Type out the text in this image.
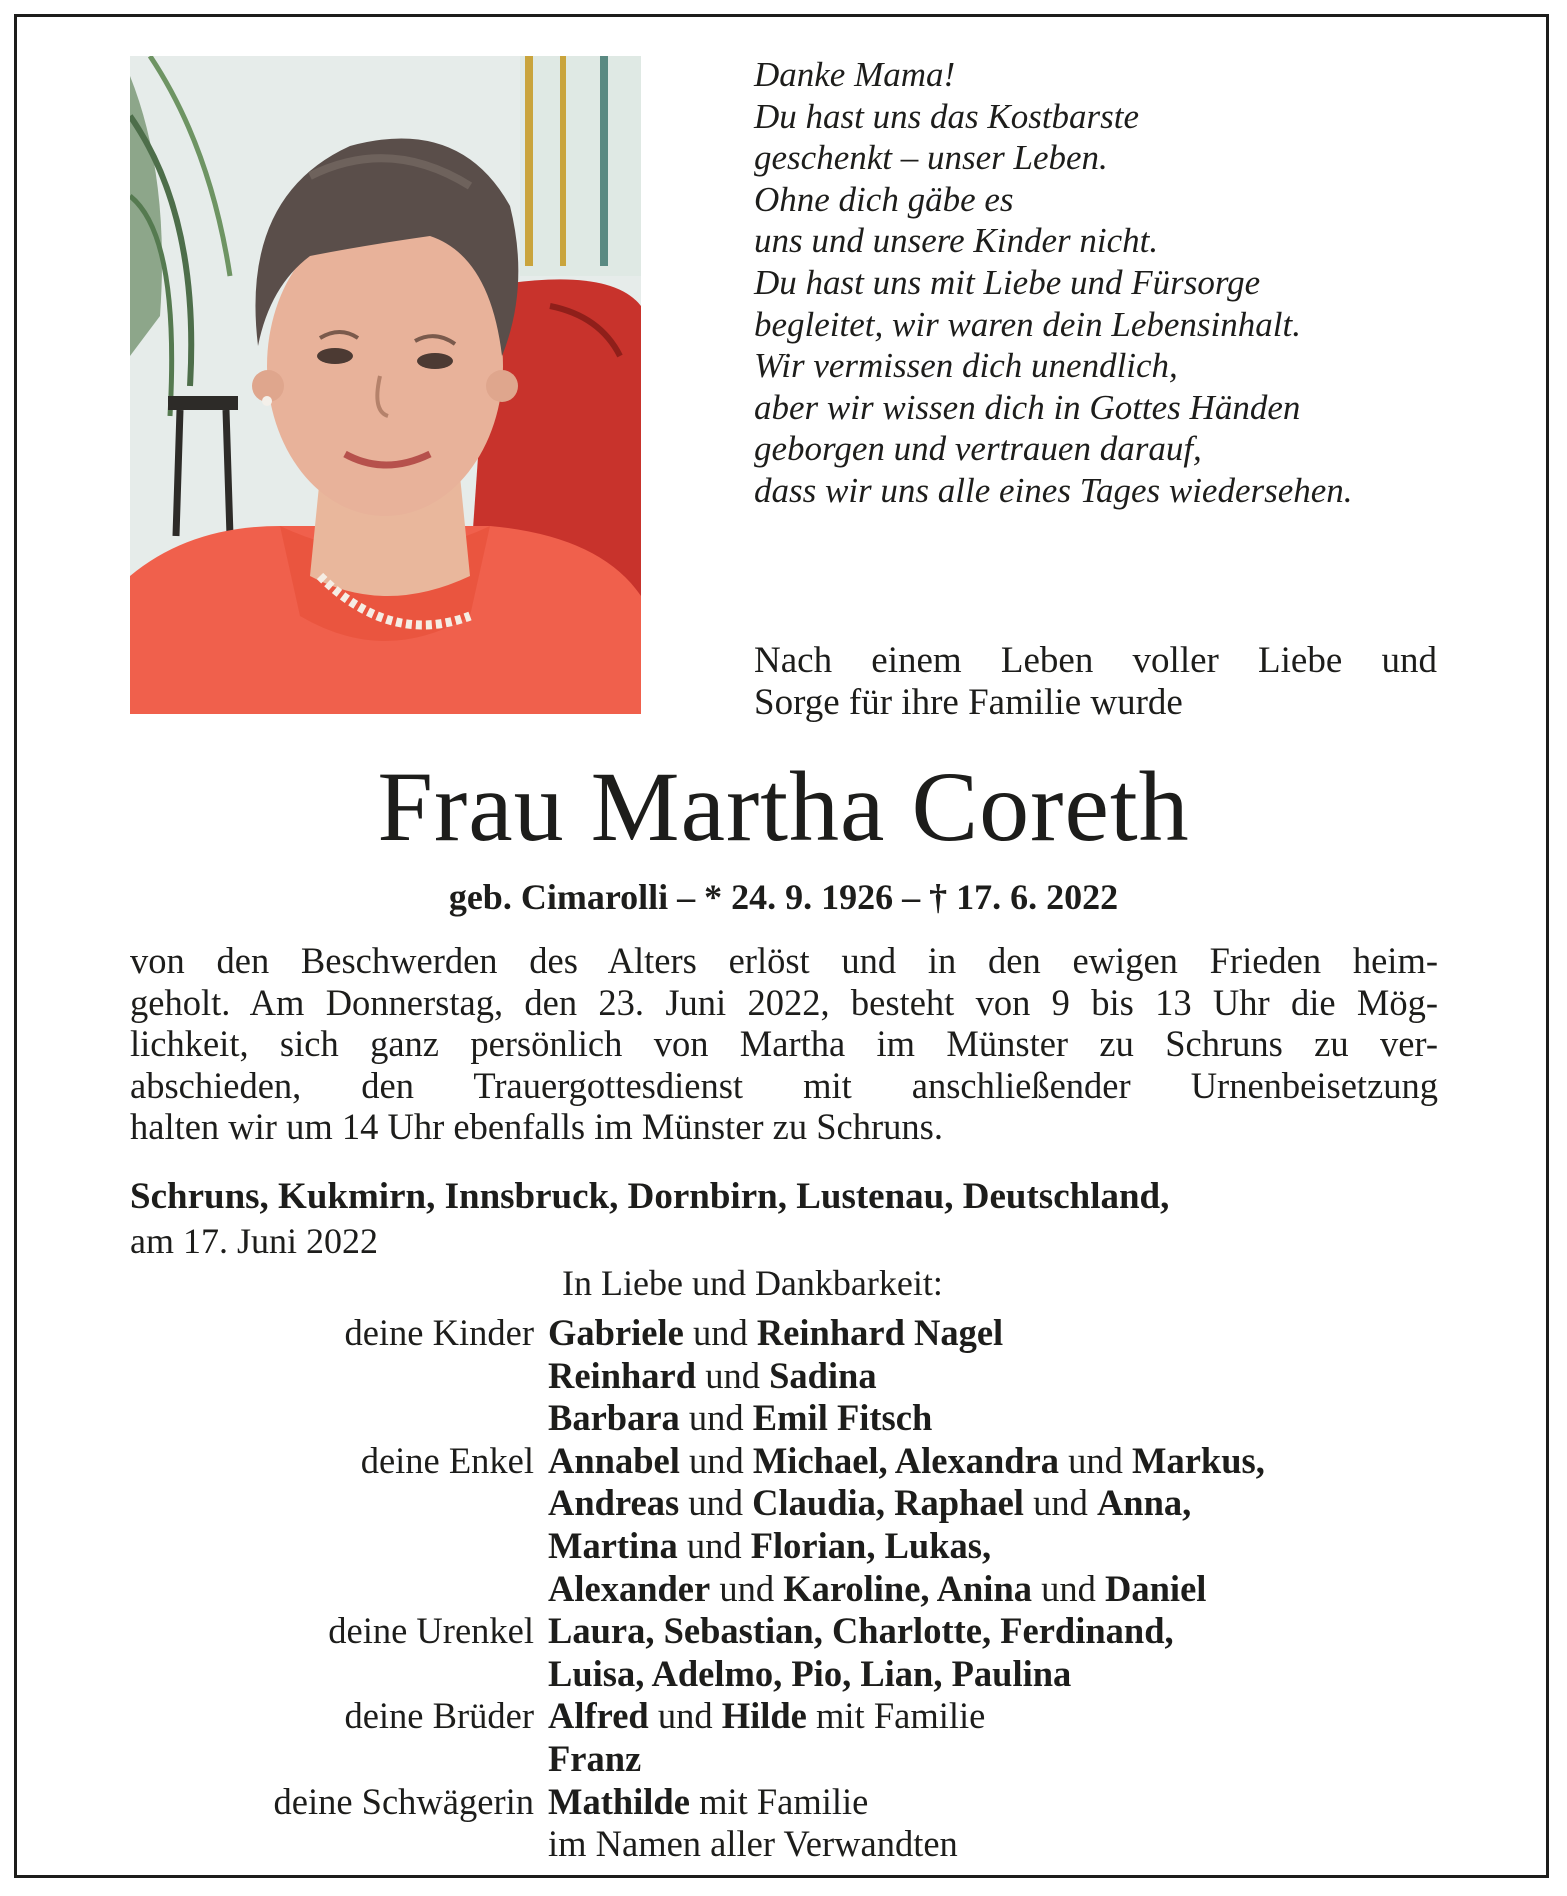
Danke Mama!
Du hast uns das Kostbarste
geschenkt – unser Leben.
Ohne dich gäbe es
uns und unsere Kinder nicht.
Du hast uns mit Liebe und Fürsorge
begleitet, wir waren dein Lebensinhalt.
Wir vermissen dich unendlich,
aber wir wissen dich in Gottes Händen
geborgen und vertrauen darauf,
dass wir uns alle eines Tages wiedersehen.
Nach einem Leben voller Liebe und
Sorge für ihre Familie wurde
Frau Martha Coreth
geb. Cimarolli – * 24. 9. 1926 – † 17. 6. 2022
von den Beschwerden des Alters erlöst und in den ewigen Frieden heim-
geholt. Am Donnerstag, den 23. Juni 2022, besteht von 9 bis 13 Uhr die Mög-
lichkeit, sich ganz persönlich von Martha im Münster zu Schruns zu ver-
abschieden, den Trauergottesdienst mit anschließender Urnenbeisetzung
halten wir um 14 Uhr ebenfalls im Münster zu Schruns.
Schruns, Kukmirn, Innsbruck, Dornbirn, Lustenau, Deutschland,
am 17. Juni 2022
In Liebe und Dankbarkeit:
deine Kinder Gabriele und Reinhard Nagel
Reinhard und Sadina
Barbara und Emil Fitsch
deine Enkel Annabel und Michael, Alexandra und Markus,
Andreas und Claudia, Raphael und Anna,
Martina und Florian, Lukas,
Alexander und Karoline, Anina und Daniel
deine Urenkel Laura, Sebastian, Charlotte, Ferdinand,
Luisa, Adelmo, Pio, Lian, Paulina
deine Brüder Alfred und Hilde mit Familie
Franz
deine Schwägerin Mathilde mit Familie
im Namen aller Verwandten
